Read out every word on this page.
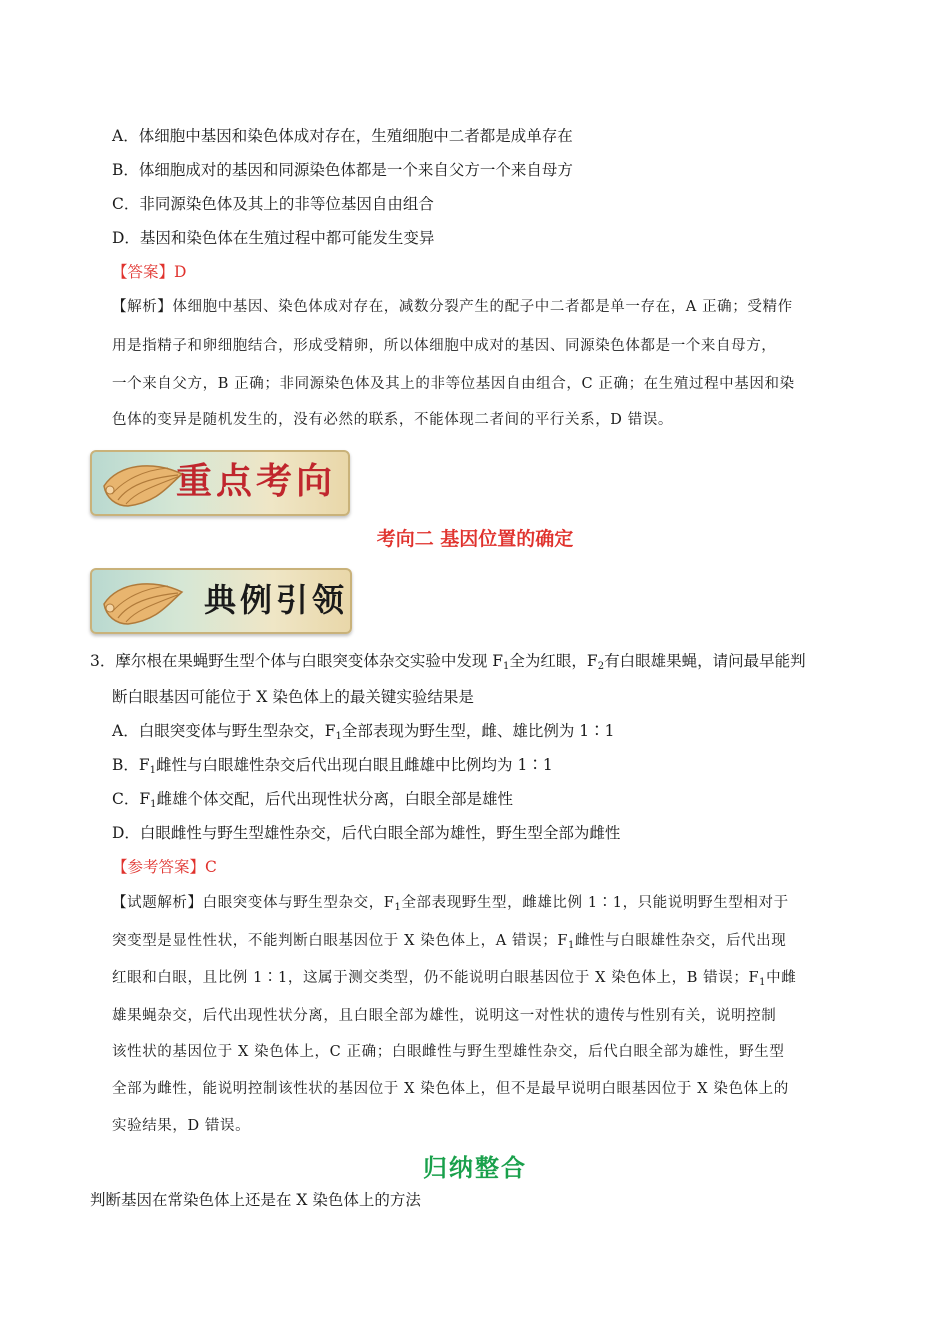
A．体细胞中基因和染色体成对存在，生殖细胞中二者都是成单存在
B．体细胞成对的基因和同源染色体都是一个来自父方一个来自母方
C．非同源染色体及其上的非等位基因自由组合
D．基因和染色体在生殖过程中都可能发生变异
【答案】D
【解析】体细胞中基因、染色体成对存在，减数分裂产生的配子中二者都是单一存在，A 正确；受精作
用是指精子和卵细胞结合，形成受精卵，所以体细胞中成对的基因、同源染色体都是一个来自母方，
一个来自父方，B 正确；非同源染色体及其上的非等位基因自由组合，C 正确；在生殖过程中基因和染
色体的变异是随机发生的，没有必然的联系，不能体现二者间的平行关系，D 错误。
重点考向
考向二 基因位置的确定
典例引领
3．摩尔根在果蝇野生型个体与白眼突变体杂交实验中发现 $F_1$全为红眼，$F_2$有白眼雄果蝇，请问最早能判
断白眼基因可能位于 X 染色体上的最关键实验结果是
A．白眼突变体与野生型杂交，$F_1$全部表现为野生型，雌、雄比例为 1∶1
B．$F_1$雌性与白眼雄性杂交后代出现白眼且雌雄中比例均为 1∶1
C．$F_1$雌雄个体交配，后代出现性状分离，白眼全部是雄性
D．白眼雌性与野生型雄性杂交，后代白眼全部为雄性，野生型全部为雌性
【参考答案】C
【试题解析】白眼突变体与野生型杂交，$F_1$全部表现野生型，雌雄比例 1∶1，只能说明野生型相对于
突变型是显性性状，不能判断白眼基因位于 X 染色体上，A 错误；$F_1$雌性与白眼雄性杂交，后代出现
红眼和白眼，且比例 1∶1，这属于测交类型，仍不能说明白眼基因位于 X 染色体上，B 错误；$F_1$中雌
雄果蝇杂交，后代出现性状分离，且白眼全部为雄性，说明这一对性状的遗传与性别有关，说明控制
该性状的基因位于 X 染色体上，C 正确；白眼雌性与野生型雄性杂交，后代白眼全部为雄性，野生型
全部为雌性，能说明控制该性状的基因位于 X 染色体上，但不是最早说明白眼基因位于 X 染色体上的
实验结果，D 错误。
归纳整合
判断基因在常染色体上还是在 X 染色体上的方法
